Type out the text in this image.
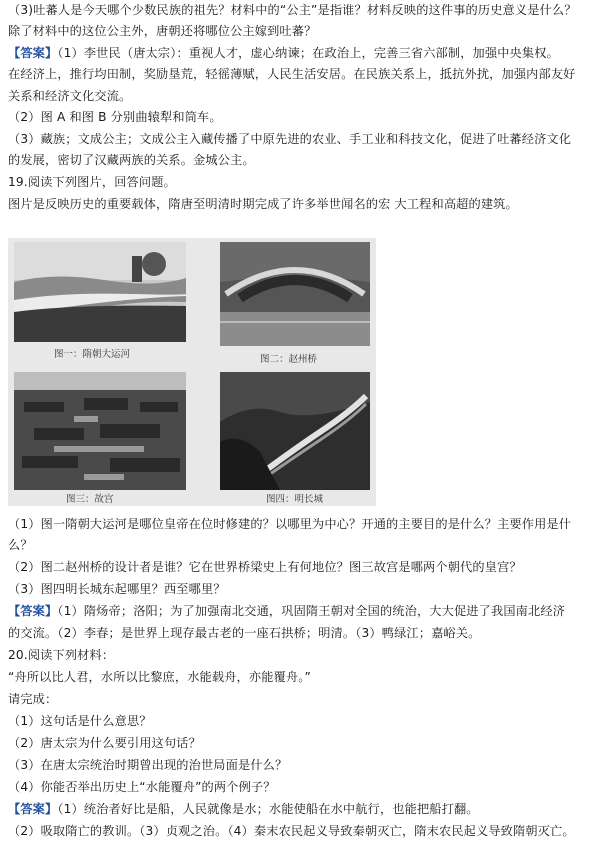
（3)吐蕃人是今天哪个少数民族的祖先？材料中的“公主”是指谁？材料反映的这件事的历史意义是什么？
除了材料中的这位公主外，唐朝还将哪位公主嫁到吐蕃？
【答案】（1）李世民（唐太宗）：重视人才，虚心纳谏；在政治上，完善三省六部制，加强中央集权。
在经济上，推行均田制，奖励垦荒，轻徭薄赋，人民生活安居。在民族关系上，抵抗外扰，加强内部友好
关系和经济文化交流。
（2）图 A 和图 B 分别曲辕犁和筒车。
（3）藏族；文成公主；文成公主入藏传播了中原先进的农业、手工业和科技文化，促进了吐蕃经济文化
的发展，密切了汉藏两族的关系。金城公主。
19.阅读下列图片，回答问题。
图片是反映历史的重要载体，隋唐至明清时期完成了许多举世闻名的宏 大工程和高超的建筑。
图一：隋朝大运河	图二：赵州桥
图三：故宫	图四：明长城
（1）图一隋朝大运河是哪位皇帝在位时修建的？以哪里为中心？开通的主要目的是什么？主要作用是什
么？
（2）图二赵州桥的设计者是谁？它在世界桥梁史上有何地位？图三故宫是哪两个朝代的皇宫？
（3）图四明长城东起哪里？西至哪里？
【答案】（1）隋炀帝；洛阳；为了加强南北交通，巩固隋王朝对全国的统治，大大促进了我国南北经济
的交流。（2）李春；是世界上现存最古老的一座石拱桥；明清。（3）鸭绿江；嘉峪关。
20.阅读下列材料：
“舟所以比人君，水所以比黎庶，水能载舟，亦能覆舟。”
请完成：
（1）这句话是什么意思？
（2）唐太宗为什么要引用这句话？
（3）在唐太宗统治时期曾出现的治世局面是什么？
（4）你能否举出历史上“水能覆舟”的两个例子？
【答案】（1）统治者好比是船，人民就像是水；水能使船在水中航行，也能把船打翻。
（2）吸取隋亡的教训。（3）贞观之治。（4）秦末农民起义导致秦朝灭亡，隋末农民起义导致隋朝灭亡。
